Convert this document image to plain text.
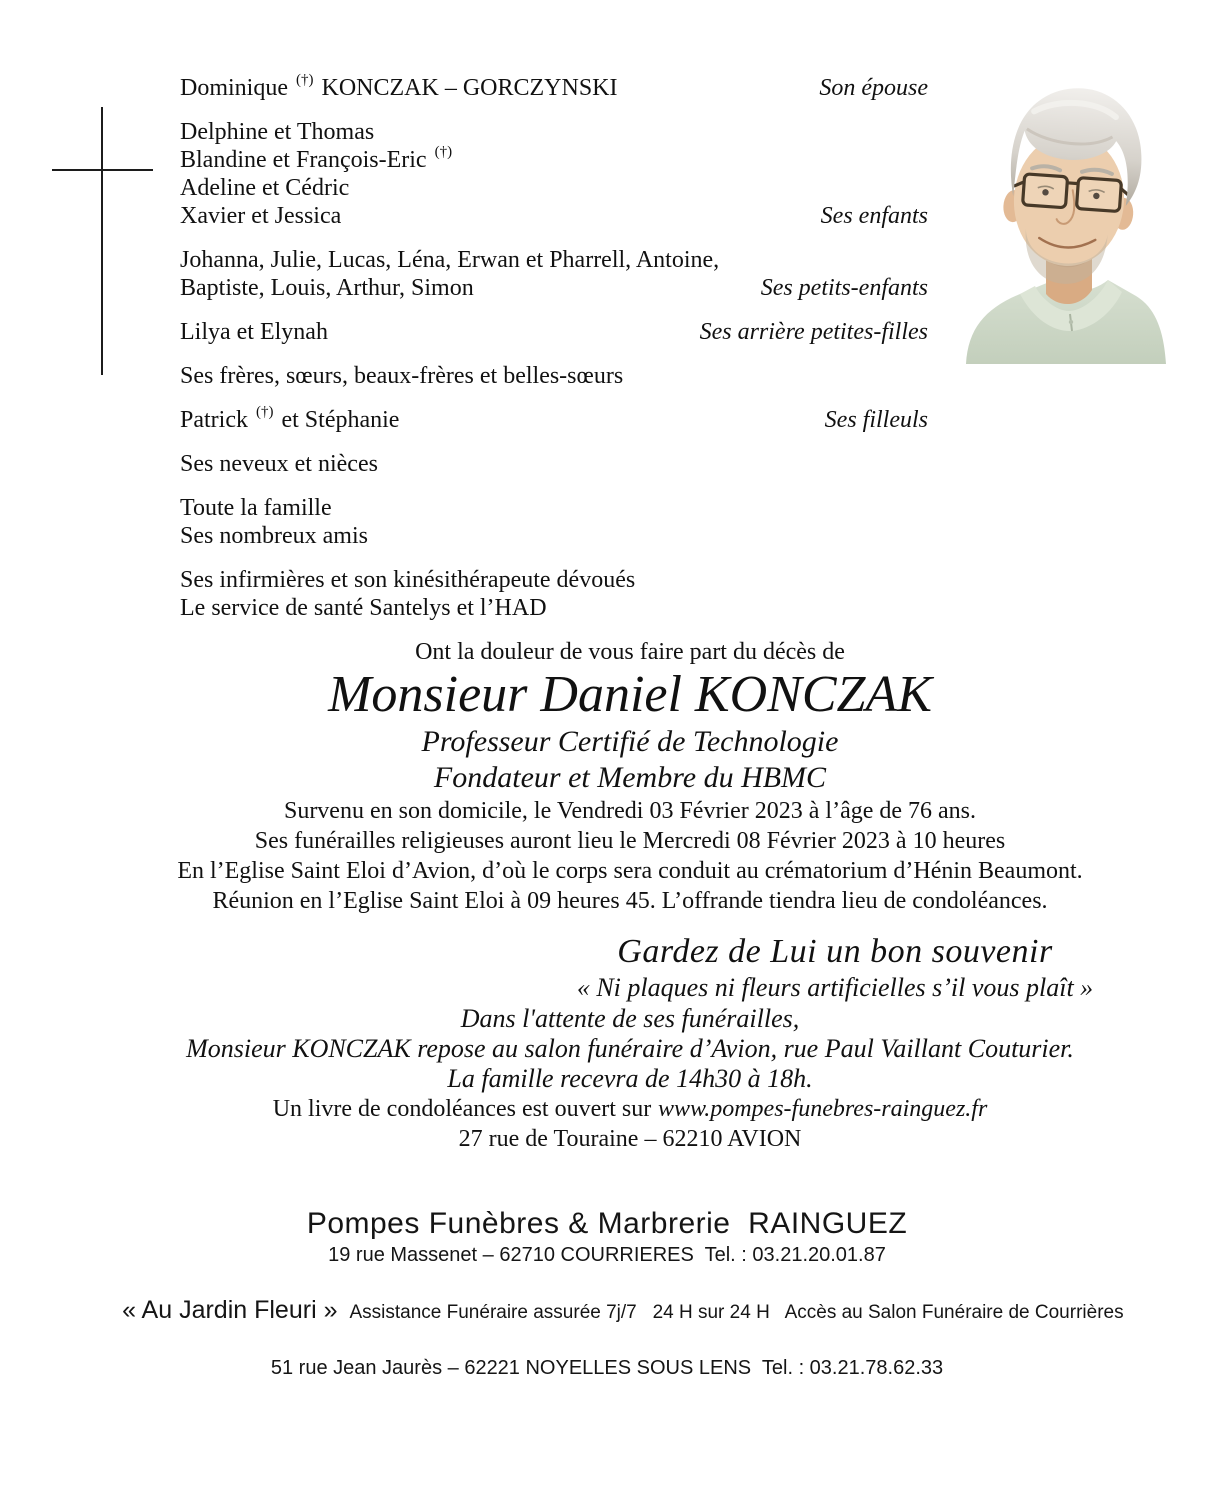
Dominique (†) KONCZAK – GORCZYNSKI	Son épouse
Delphine et Thomas
Blandine et François-Eric (†)
Adeline et Cédric
Xavier et Jessica	Ses enfants
Johanna, Julie, Lucas, Léna, Erwan et Pharrell, Antoine,
Baptiste, Louis, Arthur, Simon	Ses petits-enfants
Lilya et Elynah	Ses arrière petites-filles
Ses frères, sœurs, beaux-frères et belles-sœurs
Patrick (†) et Stéphanie	Ses filleuls
Ses neveux et nièces
Toute la famille
Ses nombreux amis
Ses infirmières et son kinésithérapeute dévoués
Le service de santé Santelys et l’HAD

Ont la douleur de vous faire part du décès de

Monsieur Daniel KONCZAK

Professeur Certifié de Technologie

Fondateur et Membre du HBMC

Survenu en son domicile, le Vendredi 03 Février 2023 à l’âge de 76 ans.

Ses funérailles religieuses auront lieu le Mercredi 08 Février 2023 à 10 heures

En l’Eglise Saint Eloi d’Avion, d’où le corps sera conduit au crématorium d’Hénin Beaumont.

Réunion en l’Eglise Saint Eloi à 09 heures 45. L’offrande tiendra lieu de condoléances.

Gardez de Lui un bon souvenir

« Ni plaques ni fleurs artificielles s’il vous plaît »

Dans l'attente de ses funérailles,

Monsieur KONCZAK repose au salon funéraire d’Avion, rue Paul Vaillant Couturier.

La famille recevra de 14h30 à 18h.

Un livre de condoléances est ouvert sur www.pompes-funebres-rainguez.fr

27 rue de Touraine – 62210 AVION

Pompes Funèbres & Marbrerie  RAINGUEZ

19 rue Massenet – 62710 COURRIERES  Tel. : 03.21.20.01.87

« Au Jardin Fleuri » Assistance Funéraire assurée 7j/7   24 H sur 24 H   Accès au Salon Funéraire de Courrières

51 rue Jean Jaurès – 62221 NOYELLES SOUS LENS  Tel. : 03.21.78.62.33
